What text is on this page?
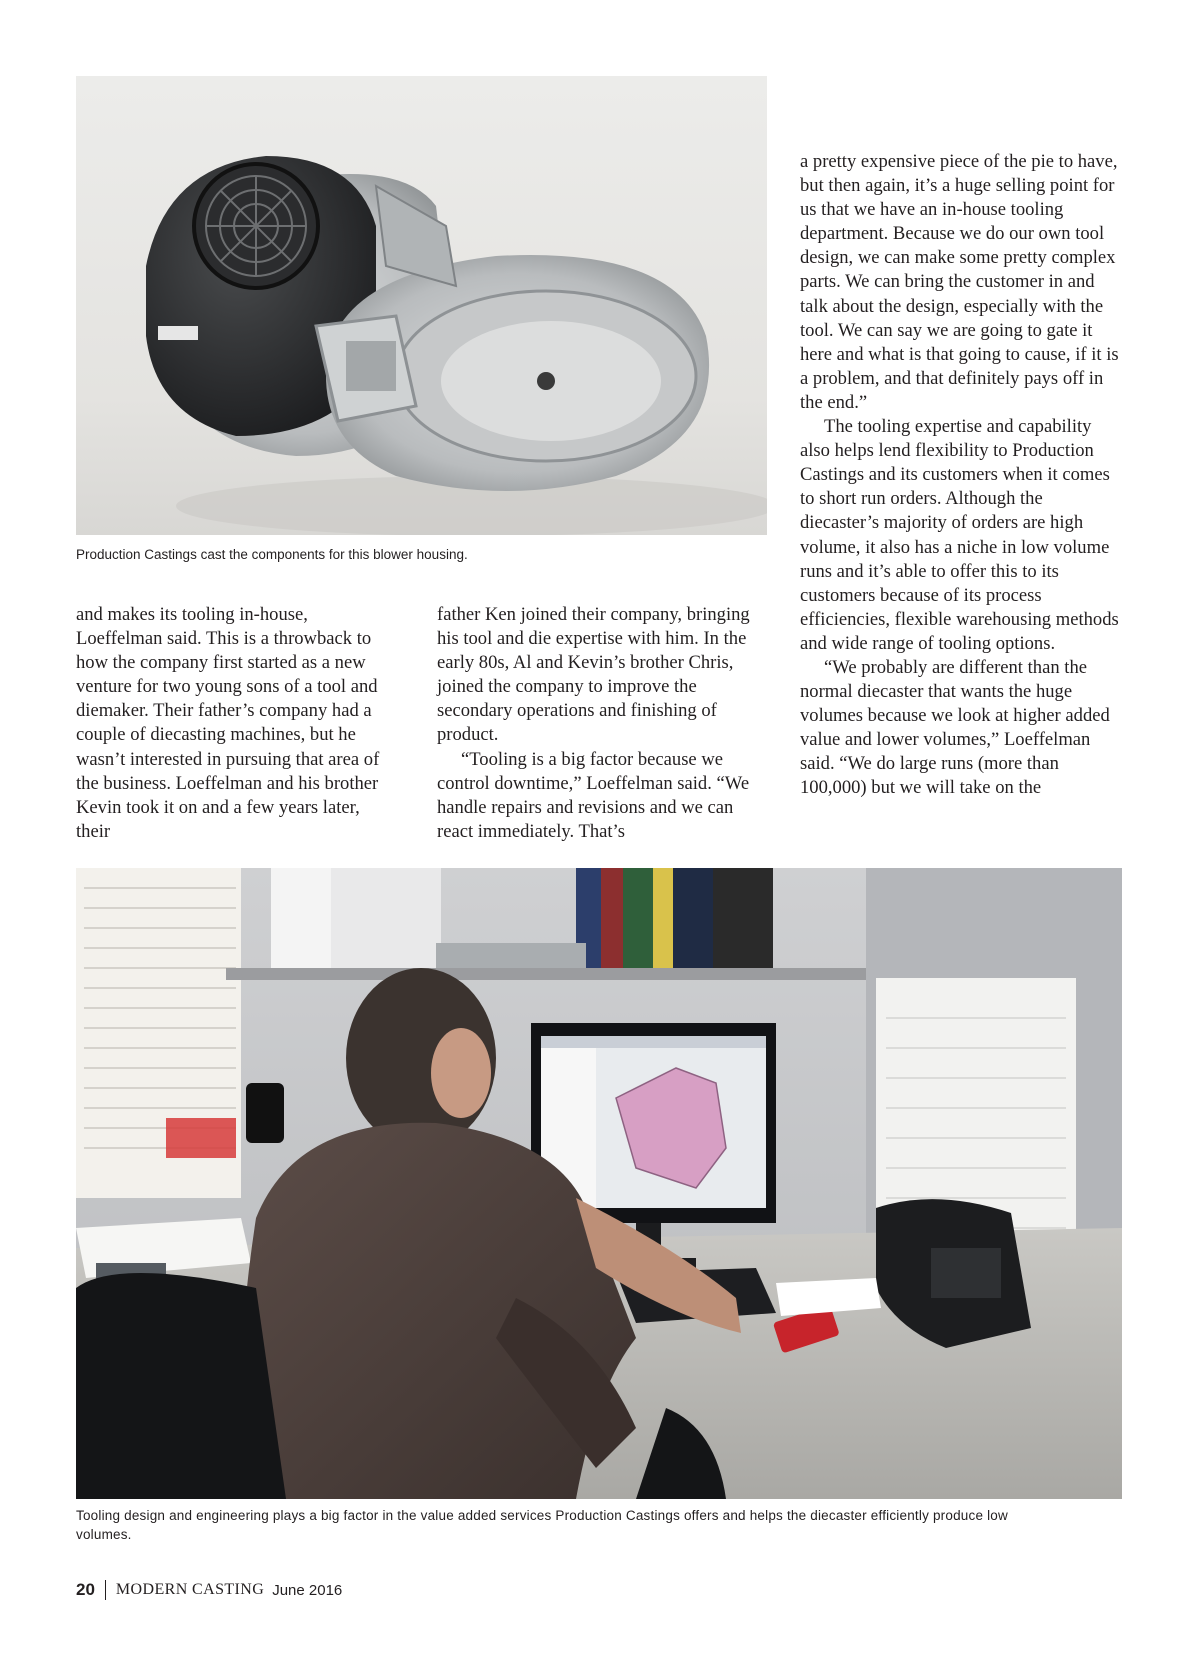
Production Castings cast the components for this blower housing.

and makes its tooling in-house, Loeffelman said. This is a throwback to how the company first started as a new venture for two young sons of a tool and diemaker. Their father’s company had a couple of diecasting machines, but he wasn’t interested in pursuing that area of the business. Loeffelman and his brother Kevin took it on and a few years later, their

father Ken joined their company, bringing his tool and die expertise with him. In the early 80s, Al and Kevin’s brother Chris, joined the company to improve the secondary operations and finishing of product.

“Tooling is a big factor because we control downtime,” Loeffelman said. “We handle repairs and revisions and we can react immediately. That’s

a pretty expensive piece of the pie to have, but then again, it’s a huge selling point for us that we have an in-house tooling department. Because we do our own tool design, we can make some pretty complex parts. We can bring the customer in and talk about the design, especially with the tool. We can say we are going to gate it here and what is that going to cause, if it is a problem, and that definitely pays off in the end.”

The tooling expertise and capability also helps lend flexibility to Production Castings and its customers when it comes to short run orders. Although the diecaster’s majority of orders are high volume, it also has a niche in low volume runs and it’s able to offer this to its customers because of its process efficiencies, flexible warehousing methods and wide range of tooling options.

“We probably are different than the normal diecaster that wants the huge volumes because we look at higher added value and lower volumes,” Loeffelman said. “We do large runs (more than 100,000) but we will take on the

Tooling design and engineering plays a big factor in the value added services Production Castings offers and helps the diecaster efficiently produce low volumes.

20 MODERN CASTING June 2016
